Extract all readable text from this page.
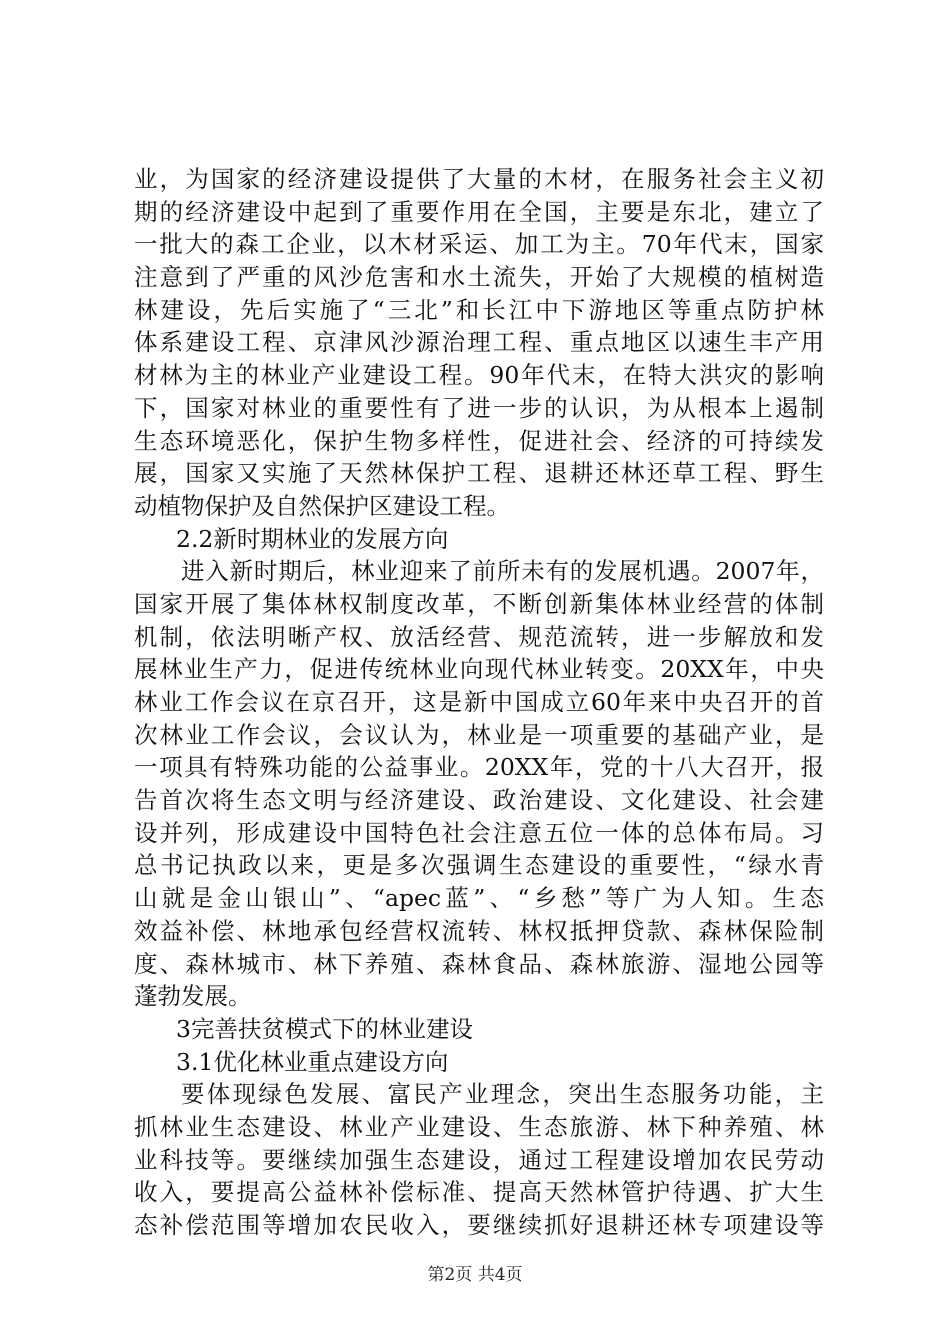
业，为国家的经济建设提供了大量的木材，在服务社会主义初
期的经济建设中起到了重要作用在全国，主要是东北，建立了
一批大的森工企业，以木材采运、加工为主。70年代末，国家
注意到了严重的风沙危害和水土流失，开始了大规模的植树造
林建设，先后实施了“三北”和长江中下游地区等重点防护林
体系建设工程、京津风沙源治理工程、重点地区以速生丰产用
材林为主的林业产业建设工程。90年代末，在特大洪灾的影响
下，国家对林业的重要性有了进一步的认识，为从根本上遏制
生态环境恶化，保护生物多样性，促进社会、经济的可持续发
展，国家又实施了天然林保护工程、退耕还林还草工程、野生
动植物保护及自然保护区建设工程。
2.2新时期林业的发展方向
进入新时期后，林业迎来了前所未有的发展机遇。2007年，
国家开展了集体林权制度改革，不断创新集体林业经营的体制
机制，依法明晰产权、放活经营、规范流转，进一步解放和发
展林业生产力，促进传统林业向现代林业转变。20XX年，中央
林业工作会议在京召开，这是新中国成立60年来中央召开的首
次林业工作会议，会议认为，林业是一项重要的基础产业，是
一项具有特殊功能的公益事业。20XX年，党的十八大召开，报
告首次将生态文明与经济建设、政治建设、文化建设、社会建
设并列，形成建设中国特色社会注意五位一体的总体布局。习
总书记执政以来，更是多次强调生态建设的重要性，“绿水青
山就是金山银山”、“apec蓝”、“乡愁”等广为人知。生态
效益补偿、林地承包经营权流转、林权抵押贷款、森林保险制
度、森林城市、林下养殖、森林食品、森林旅游、湿地公园等
蓬勃发展。
3完善扶贫模式下的林业建设
3.1优化林业重点建设方向
要体现绿色发展、富民产业理念，突出生态服务功能，主
抓林业生态建设、林业产业建设、生态旅游、林下种养殖、林
业科技等。要继续加强生态建设，通过工程建设增加农民劳动
收入，要提高公益林补偿标准、提高天然林管护待遇、扩大生
态补偿范围等增加农民收入，要继续抓好退耕还林专项建设等
第2页 共4页
